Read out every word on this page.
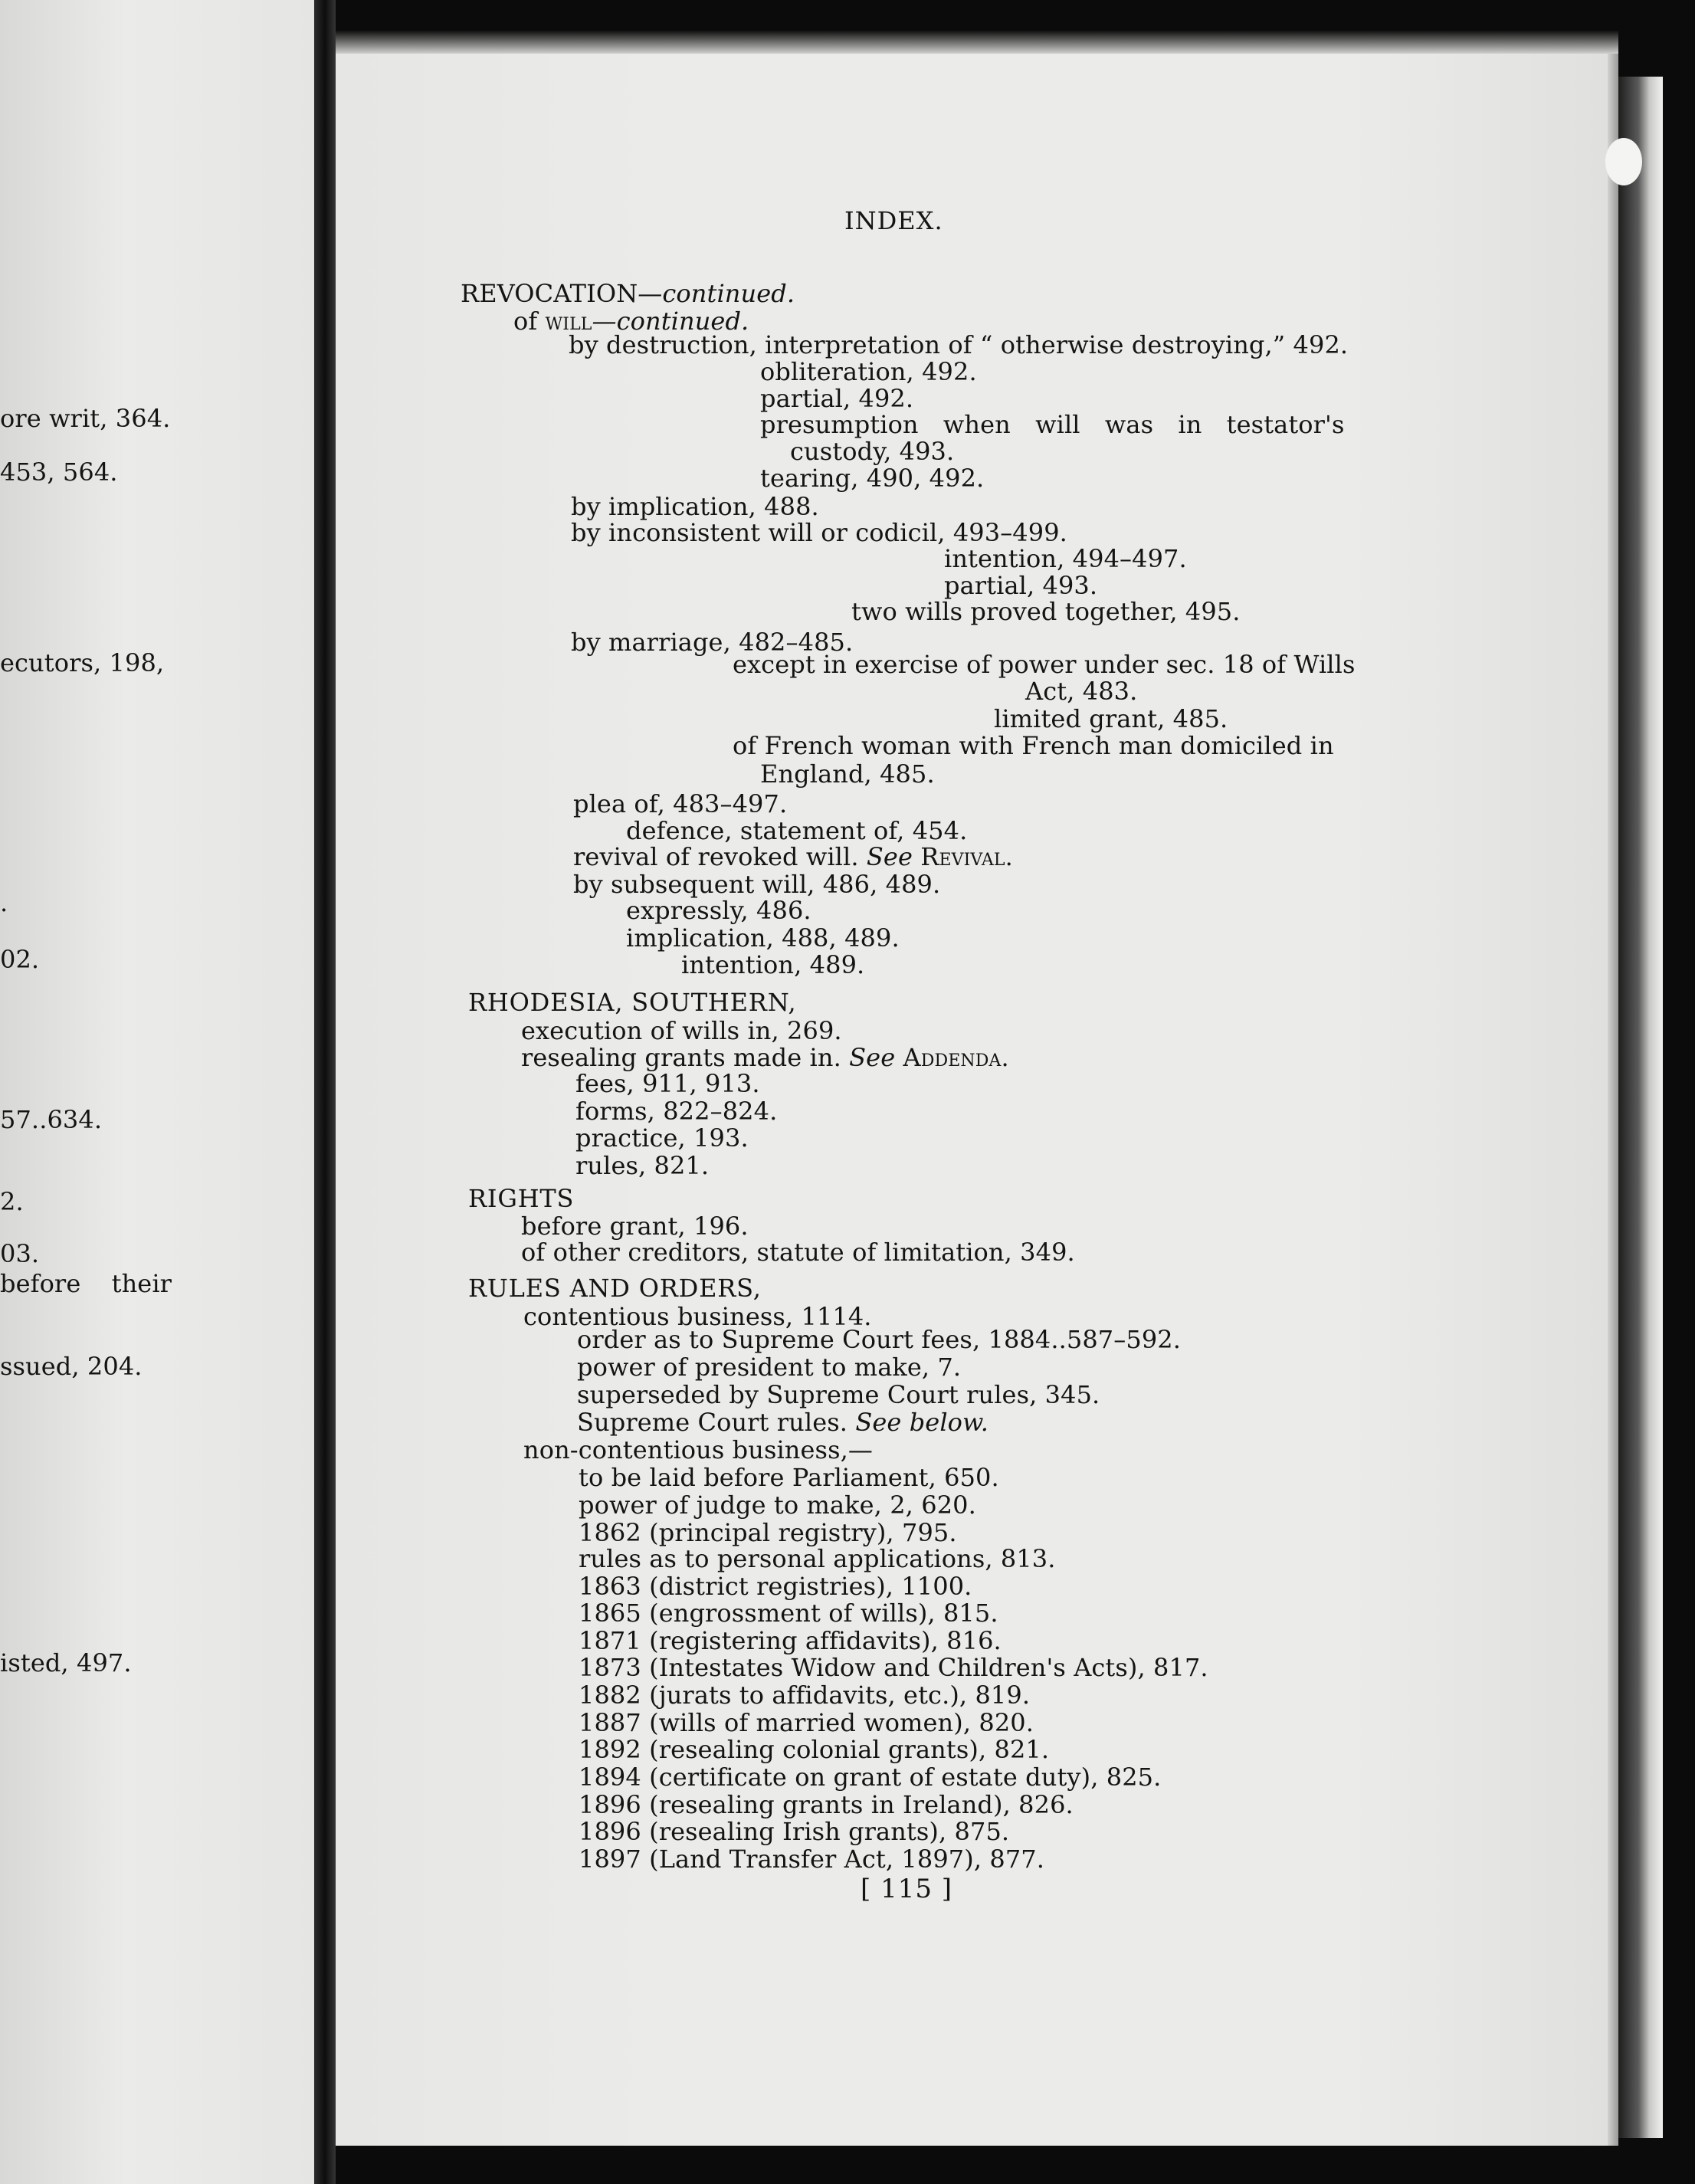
ore writ, 364.

453, 564.

ecutors, 198,

.

02.

57..634.

2.

03.

before their

ssued, 204.

isted, 497.

INDEX.

REVOCATION—continued.

of will—continued.

by destruction, interpretation of “ otherwise destroying,” 492.

obliteration, 492.

partial, 492.

presumption when will was in testator's

custody, 493.

tearing, 490, 492.

by implication, 488.

by inconsistent will or codicil, 493–499.

intention, 494–497.

partial, 493.

two wills proved together, 495.

by marriage, 482–485.

except in exercise of power under sec. 18 of Wills

Act, 483.

limited grant, 485.

of French woman with French man domiciled in

England, 485.

plea of, 483–497.

defence, statement of, 454.

revival of revoked will. See Revival.

by subsequent will, 486, 489.

expressly, 486.

implication, 488, 489.

intention, 489.

RHODESIA, SOUTHERN,

execution of wills in, 269.

resealing grants made in. See Addenda.

fees, 911, 913.

forms, 822–824.

practice, 193.

rules, 821.

RIGHTS

before grant, 196.

of other creditors, statute of limitation, 349.

RULES AND ORDERS,

contentious business, 1114.

order as to Supreme Court fees, 1884..587–592.

power of president to make, 7.

superseded by Supreme Court rules, 345.

Supreme Court rules. See below.

non-contentious business,—

to be laid before Parliament, 650.

power of judge to make, 2, 620.

1862 (principal registry), 795.

rules as to personal applications, 813.

1863 (district registries), 1100.

1865 (engrossment of wills), 815.

1871 (registering affidavits), 816.

1873 (Intestates Widow and Children's Acts), 817.

1882 (jurats to affidavits, etc.), 819.

1887 (wills of married women), 820.

1892 (resealing colonial grants), 821.

1894 (certificate on grant of estate duty), 825.

1896 (resealing grants in Ireland), 826.

1896 (resealing Irish grants), 875.

1897 (Land Transfer Act, 1897), 877.

[ 115 ]
